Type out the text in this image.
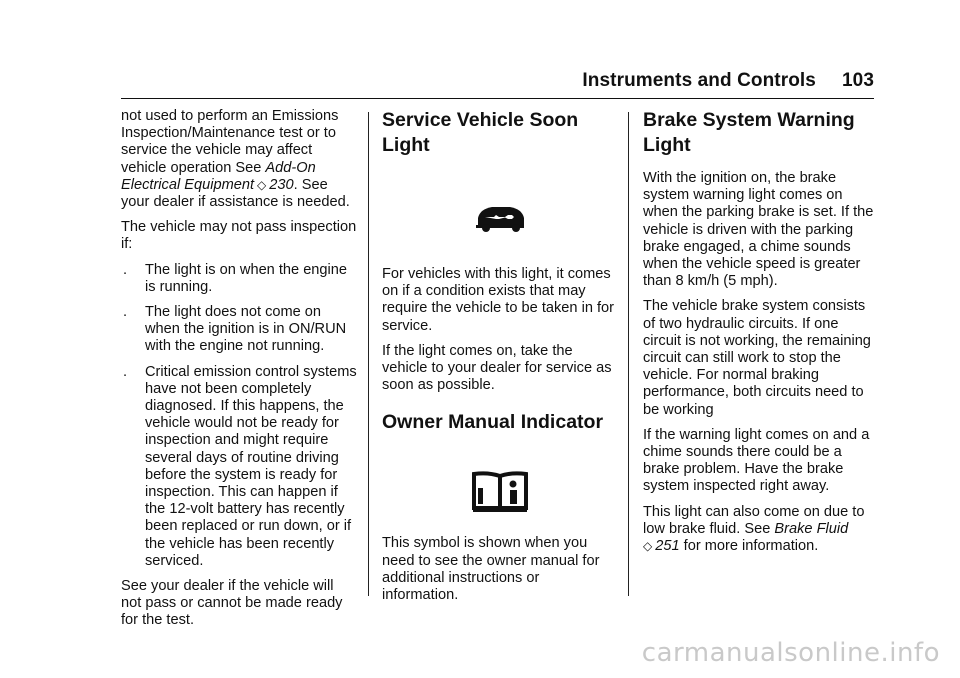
Instruments and Controls 103

not used to perform an Emissions Inspection/Maintenance test or to service the vehicle may affect vehicle operation See Add-On Electrical Equipment ◇ 230. See your dealer if assistance is needed.

The vehicle may not pass inspection if:

. The light is on when the engine is running.
. The light does not come on when the ignition is in ON/RUN with the engine not running.
. Critical emission control systems have not been completely diagnosed. If this happens, the vehicle would not be ready for inspection and might require several days of routine driving before the system is ready for inspection. This can happen if the 12-volt battery has recently been replaced or run down, or if the vehicle has been recently serviced.

See your dealer if the vehicle will not pass or cannot be made ready for the test.

Service Vehicle Soon Light

For vehicles with this light, it comes on if a condition exists that may require the vehicle to be taken in for service.

If the light comes on, take the vehicle to your dealer for service as soon as possible.

Owner Manual Indicator

This symbol is shown when you need to see the owner manual for additional instructions or information.

Brake System Warning Light

With the ignition on, the brake system warning light comes on when the parking brake is set. If the vehicle is driven with the parking brake engaged, a chime sounds when the vehicle speed is greater than 8 km/h (5 mph).

The vehicle brake system consists of two hydraulic circuits. If one circuit is not working, the remaining circuit can still work to stop the vehicle. For normal braking performance, both circuits need to be working

If the warning light comes on and a chime sounds there could be a brake problem. Have the brake system inspected right away.

This light can also come on due to low brake fluid. See Brake Fluid
◇ 251 for more information.

carmanualsonline.info
